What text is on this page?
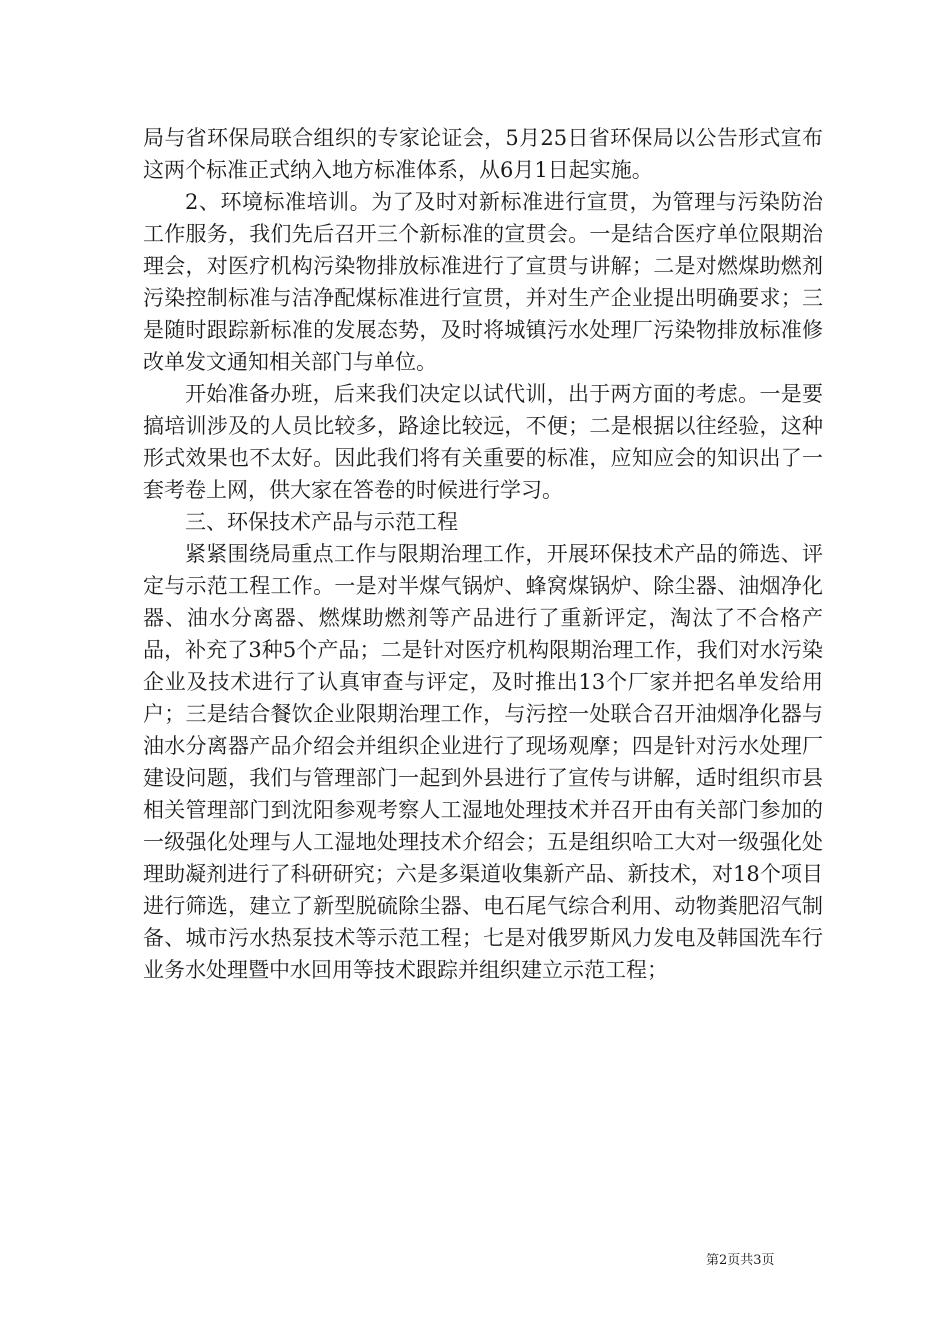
局与省环保局联合组织的专家论证会，5月25日省环保局以公告形式宣布这两个标准正式纳入地方标准体系，从6月1日起实施。

2、环境标准培训。为了及时对新标准进行宣贯，为管理与污染防治工作服务，我们先后召开三个新标准的宣贯会。一是结合医疗单位限期治理会，对医疗机构污染物排放标准进行了宣贯与讲解；二是对燃煤助燃剂污染控制标准与洁净配煤标准进行宣贯，并对生产企业提出明确要求；三是随时跟踪新标准的发展态势，及时将城镇污水处理厂污染物排放标准修改单发文通知相关部门与单位。

开始准备办班，后来我们决定以试代训，出于两方面的考虑。一是要搞培训涉及的人员比较多，路途比较远，不便；二是根据以往经验，这种形式效果也不太好。因此我们将有关重要的标准，应知应会的知识出了一套考卷上网，供大家在答卷的时候进行学习。

三、环保技术产品与示范工程

紧紧围绕局重点工作与限期治理工作，开展环保技术产品的筛选、评定与示范工程工作。一是对半煤气锅炉、蜂窝煤锅炉、除尘器、油烟净化器、油水分离器、燃煤助燃剂等产品进行了重新评定，淘汰了不合格产品，补充了3种5个产品；二是针对医疗机构限期治理工作，我们对水污染企业及技术进行了认真审查与评定，及时推出13个厂家并把名单发给用户；三是结合餐饮企业限期治理工作，与污控一处联合召开油烟净化器与油水分离器产品介绍会并组织企业进行了现场观摩；四是针对污水处理厂建设问题，我们与管理部门一起到外县进行了宣传与讲解，适时组织市县相关管理部门到沈阳参观考察人工湿地处理技术并召开由有关部门参加的一级强化处理与人工湿地处理技术介绍会；五是组织哈工大对一级强化处理助凝剂进行了科研研究；六是多渠道收集新产品、新技术，对18个项目进行筛选，建立了新型脱硫除尘器、电石尾气综合利用、动物粪肥沼气制备、城市污水热泵技术等示范工程；七是对俄罗斯风力发电及韩国洗车行业务水处理暨中水回用等技术跟踪并组织建立示范工程；

第2页共3页
